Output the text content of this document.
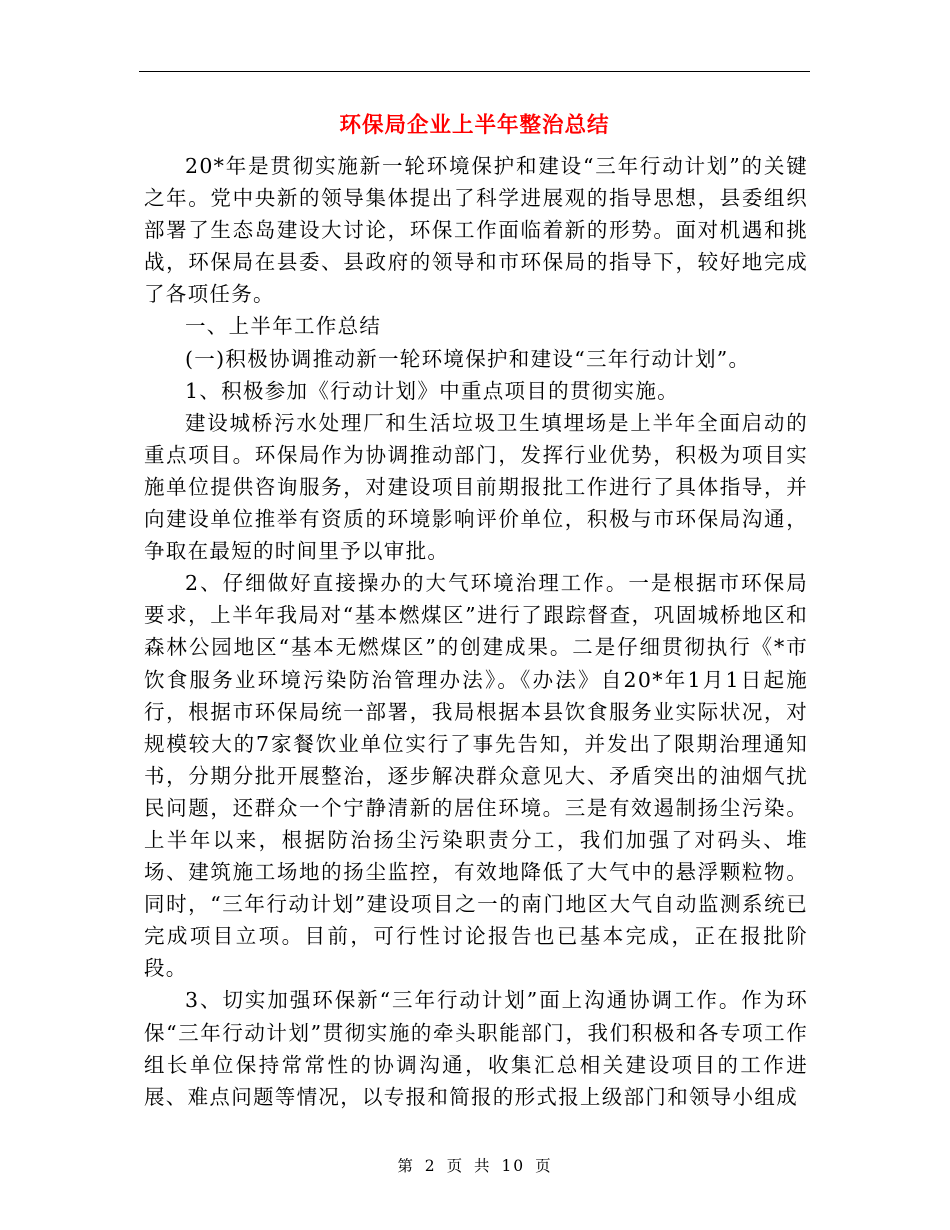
环保局企业上半年整治总结

20*年是贯彻实施新一轮环境保护和建设“三年行动计划”的关键之年。党中央新的领导集体提出了科学进展观的指导思想，县委组织部署了生态岛建设大讨论，环保工作面临着新的形势。面对机遇和挑战，环保局在县委、县政府的领导和市环保局的指导下，较好地完成了各项任务。

一、上半年工作总结

(一)积极协调推动新一轮环境保护和建设“三年行动计划”。

1、积极参加《行动计划》中重点项目的贯彻实施。

建设城桥污水处理厂和生活垃圾卫生填埋场是上半年全面启动的重点项目。环保局作为协调推动部门，发挥行业优势，积极为项目实施单位提供咨询服务，对建设项目前期报批工作进行了具体指导，并向建设单位推举有资质的环境影响评价单位，积极与市环保局沟通，争取在最短的时间里予以审批。

2、仔细做好直接操办的大气环境治理工作。一是根据市环保局要求，上半年我局对“基本燃煤区”进行了跟踪督查，巩固城桥地区和森林公园地区“基本无燃煤区”的创建成果。二是仔细贯彻执行《*市饮食服务业环境污染防治管理办法》。《办法》自20*年1月1日起施行，根据市环保局统一部署，我局根据本县饮食服务业实际状况，对规模较大的7家餐饮业单位实行了事先告知，并发出了限期治理通知书，分期分批开展整治，逐步解决群众意见大、矛盾突出的油烟气扰民问题，还群众一个宁静清新的居住环境。三是有效遏制扬尘污染。上半年以来，根据防治扬尘污染职责分工，我们加强了对码头、堆场、建筑施工场地的扬尘监控，有效地降低了大气中的悬浮颗粒物。同时，“三年行动计划”建设项目之一的南门地区大气自动监测系统已完成项目立项。目前，可行性讨论报告也已基本完成，正在报批阶段。

3、切实加强环保新“三年行动计划”面上沟通协调工作。作为环保“三年行动计划”贯彻实施的牵头职能部门，我们积极和各专项工作组长单位保持常常性的协调沟通，收集汇总相关建设项目的工作进展、难点问题等情况，以专报和简报的形式报上级部门和领导小组成

第 2 页 共 10 页
